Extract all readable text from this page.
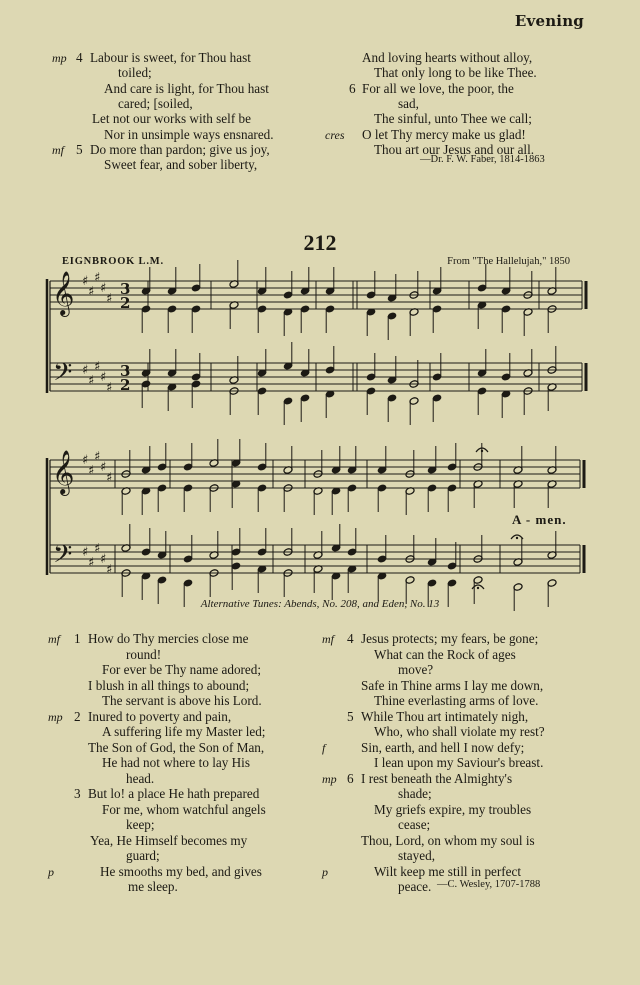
Evening
mp 4 Labour is sweet, for Thou hast
toiled;
And care is light, for Thou hast
cared; [soiled,
Let not our works with self be
Nor in unsimple ways ensnared.
mf 5 Do more than pardon; give us joy,
Sweet fear, and sober liberty,
And loving hearts without alloy,
That only long to be like Thee.
6 For all we love, the poor, the
sad,
The sinful, unto Thee we call;
cres O let Thy mercy make us glad!
Thou art our Jesus and our all.
—Dr. F. W. Faber, 1814-1863
212
EIGNBROOK L.M.	From "The Hallelujah," 1850
𝄞
𝄢
♯
♯
♯
♯
♯
♯
♯
♯
♯
♯
3
2
3
2
𝄞
𝄢
♯
♯
♯
♯
♯
♯
♯
♯
♯
♯
A - men.
Alternative Tunes: Abends, No. 208, and Eden, No. 13
mf 1 How do Thy mercies close me
round!
For ever be Thy name adored;
I blush in all things to abound;
The servant is above his Lord.
mp 2 Inured to poverty and pain,
A suffering life my Master led;
The Son of God, the Son of Man,
He had not where to lay His
head.
3 But lo! a place He hath prepared
For me, whom watchful angels
keep;
Yea, He Himself becomes my
guard;
p	He smooths my bed, and gives
me sleep.
mf 4 Jesus protects; my fears, be gone;
What can the Rock of ages
move?
Safe in Thine arms I lay me down,
Thine everlasting arms of love.
5 While Thou art intimately nigh,
Who, who shall violate my rest?
f	Sin, earth, and hell I now defy;
I lean upon my Saviour's breast.
mp 6 I rest beneath the Almighty's
shade;
My griefs expire, my troubles
cease;
Thou, Lord, on whom my soul is
stayed,
p	Wilt keep me still in perfect
peace. —C. Wesley, 1707-1788
